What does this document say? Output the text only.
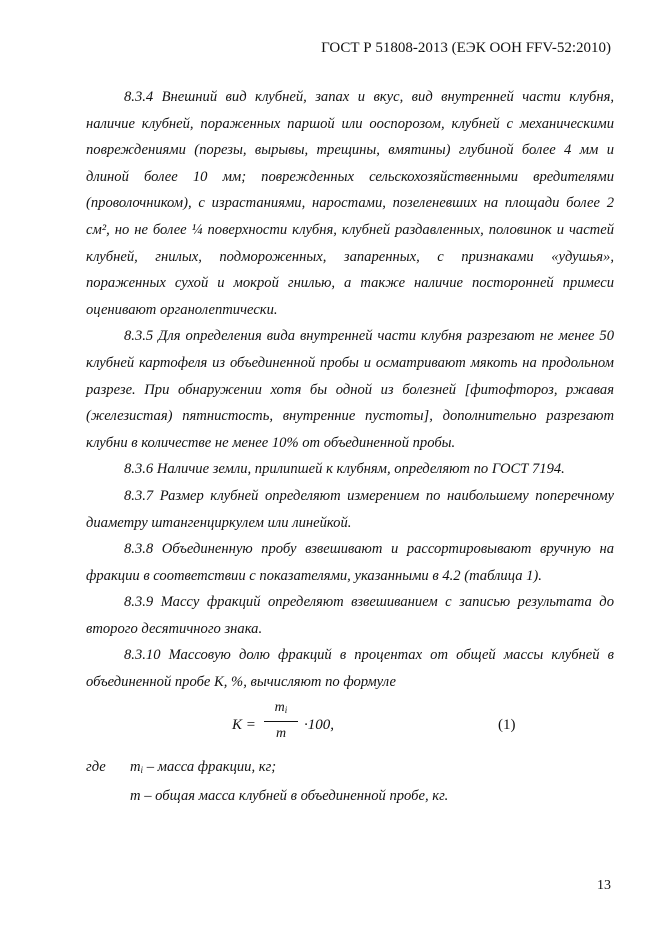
ГОСТ Р 51808-2013 (ЕЭК ООН FFV-52:2010)

8.3.4 Внешний вид клубней, запах и вкус, вид внутренней части клубня, наличие клубней, пораженных паршой или ооспорозом, клубней с механическими повреждениями (порезы, вырывы, трещины, вмятины) глубиной более 4 мм и длиной более 10 мм; поврежденных сельскохозяйственными вредителями (проволочником), с израстаниями, наростами, позеленевших на площади более 2 см², но не более ¼ поверхности клубня, клубней раздавленных, половинок и частей клубней, гнилых, подмороженных, запаренных, с признаками «удушья», пораженных сухой и мокрой гнилью, а также наличие посторонней примеси оценивают органолептически.

8.3.5 Для определения вида внутренней части клубня разрезают не менее 50 клубней картофеля из объединенной пробы и осматривают мякоть на продольном разрезе. При обнаружении хотя бы одной из болезней [фитофтороз, ржавая (железистая) пятнистость, внутренние пустоты], дополнительно разрезают клубни в количестве не менее 10% от объединенной пробы.

8.3.6 Наличие земли, прилипшей к клубням, определяют по ГОСТ 7194.

8.3.7 Размер клубней определяют измерением по наибольшему поперечному диаметру штангенциркулем или линейкой.

8.3.8 Объединенную пробу взвешивают и рассортировывают вручную на фракции в соответствии с показателями, указанными в 4.2 (таблица 1).

8.3.9 Массу фракций определяют взвешиванием с записью результата до второго десятичного знака.

8.3.10 Массовую долю фракций в процентах от общей массы клубней в объединенной пробе К, %, вычисляют по формуле

К =
$m_i$
m
·100,	(1)

где $m_i$ – масса фракции, кг;

m – общая масса клубней в объединенной пробе, кг.

13
